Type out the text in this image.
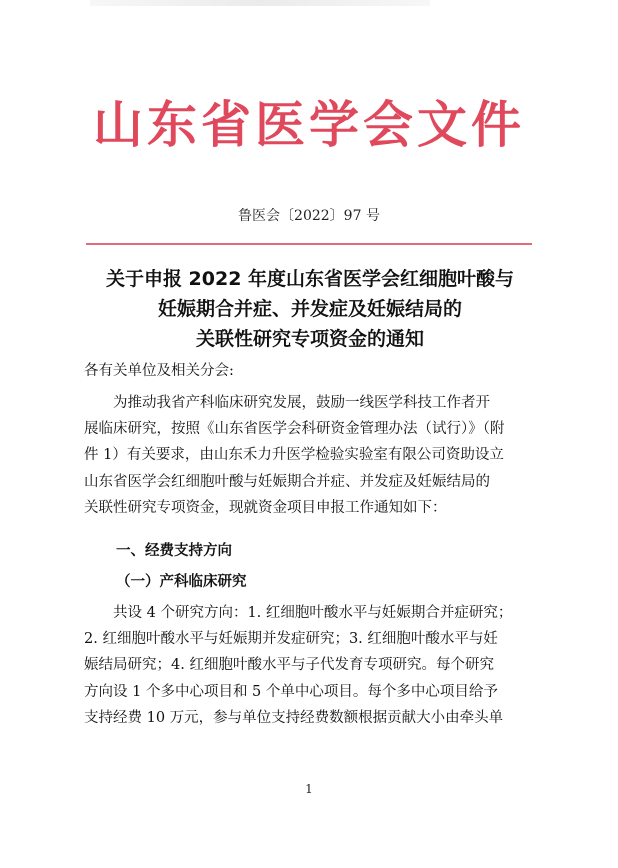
山东省医学会文件
鲁医会〔2022〕97 号
关于申报 2022 年度山东省医学会红细胞叶酸与
妊娠期合并症、并发症及妊娠结局的
关联性研究专项资金的通知
各有关单位及相关分会:
为推动我省产科临床研究发展，鼓励一线医学科技工作者开
展临床研究，按照《山东省医学会科研资金管理办法（试行）》（附
件 1）有关要求，由山东禾力升医学检验实验室有限公司资助设立
山东省医学会红细胞叶酸与妊娠期合并症、并发症及妊娠结局的
关联性研究专项资金，现就资金项目申报工作通知如下：
一、经费支持方向
（一）产科临床研究
共设 4 个研究方向：1. 红细胞叶酸水平与妊娠期合并症研究；
2. 红细胞叶酸水平与妊娠期并发症研究；3. 红细胞叶酸水平与妊
娠结局研究；4. 红细胞叶酸水平与子代发育专项研究。每个研究
方向设 1 个多中心项目和 5 个单中心项目。每个多中心项目给予
支持经费 10 万元，参与单位支持经费数额根据贡献大小由牵头单
1
